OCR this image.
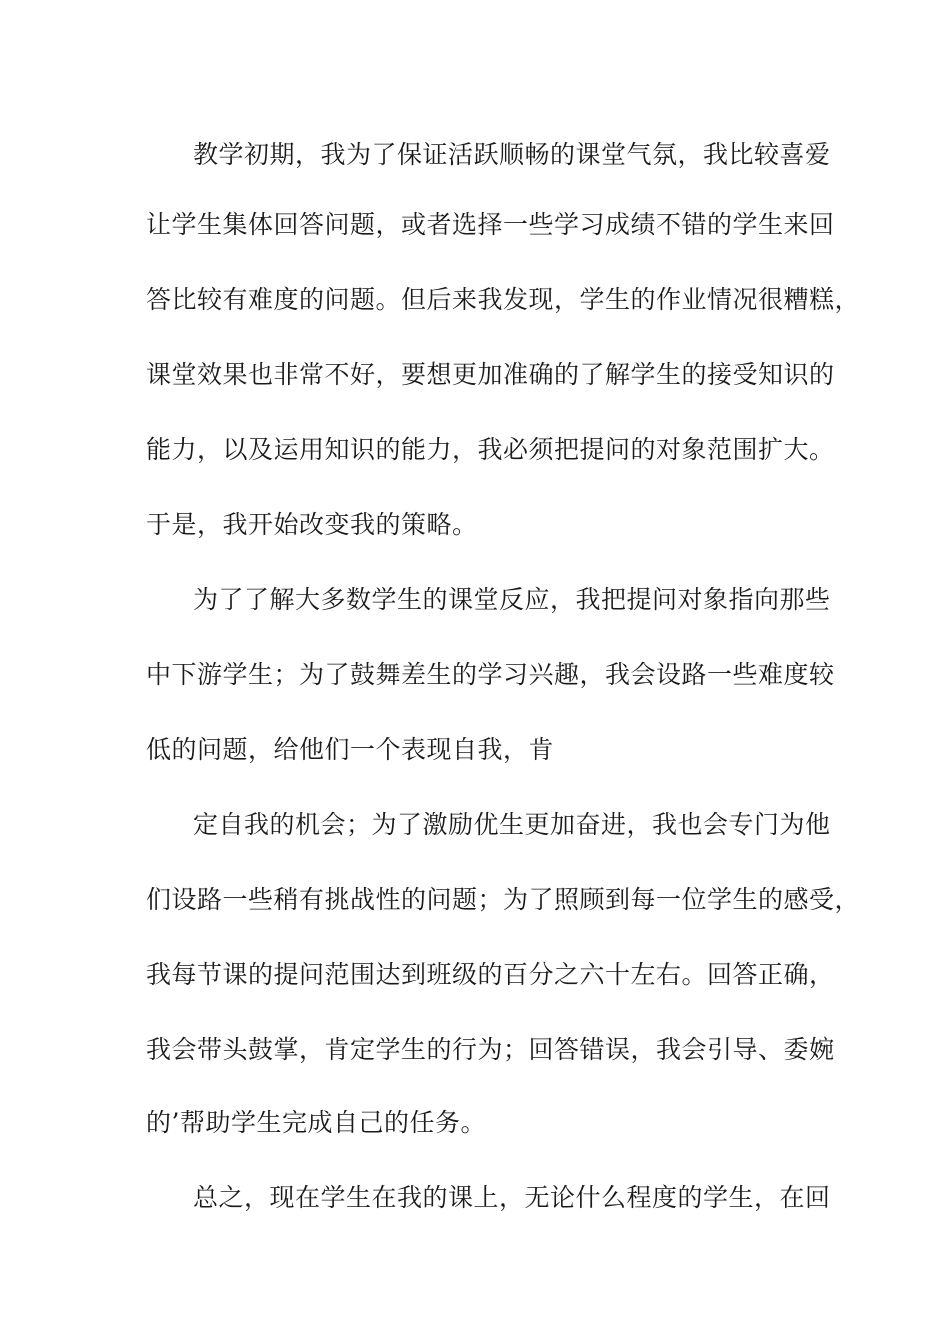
教学初期，我为了保证活跃顺畅的课堂气氛，我比较喜爱
让学生集体回答问题，或者选择一些学习成绩不错的学生来回
答比较有难度的问题。但后来我发现，学生的作业情况很糟糕，
课堂效果也非常不好，要想更加准确的了解学生的接受知识的
能力，以及运用知识的能力，我必须把提问的对象范围扩大。
于是，我开始改变我的策略。
为了了解大多数学生的课堂反应，我把提问对象指向那些
中下游学生；为了鼓舞差生的学习兴趣，我会设路一些难度较
低的问题，给他们一个表现自我，肯
定自我的机会；为了激励优生更加奋进，我也会专门为他
们设路一些稍有挑战性的问题；为了照顾到每一位学生的感受，
我每节课的提问范围达到班级的百分之六十左右。回答正确，
我会带头鼓掌，肯定学生的行为；回答错误，我会引导、委婉
的’帮助学生完成自己的任务。
总之，现在学生在我的课上，无论什么程度的学生，在回
